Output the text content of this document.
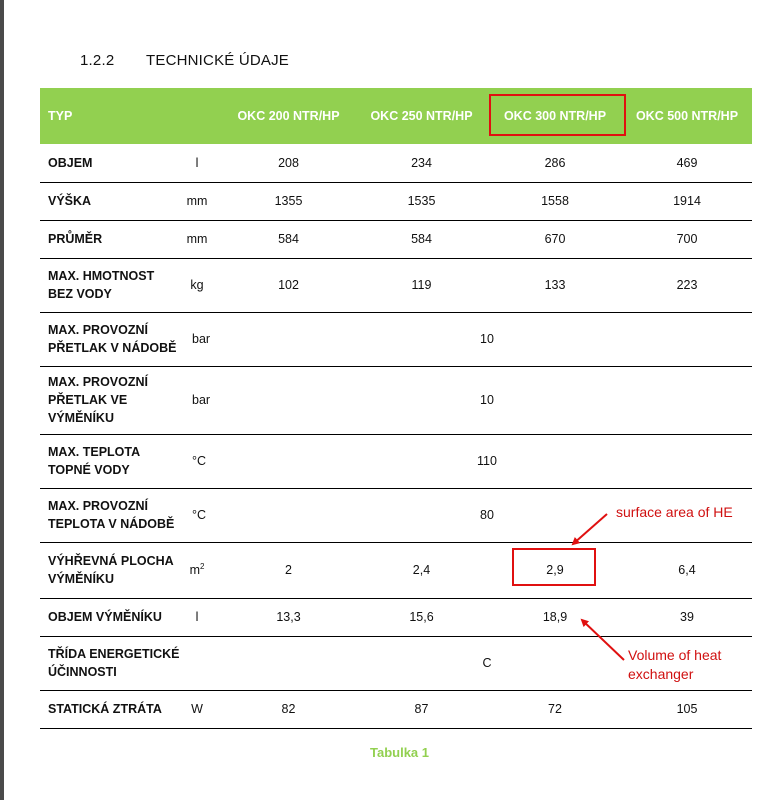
1.2.2 TECHNICKÉ ÚDAJE
TYP		OKC 200 NTR/HP	OKC 250 NTR/HP	OKC 300 NTR/HP	OKC 500 NTR/HP
OBJEM	l	208	234	286	469
VÝŠKA	mm	1355	1535	1558	1914
PRŮMĚR	mm	584	584	670	700
MAX. HMOTNOST BEZ VODY	kg	102	119	133	223
MAX. PROVOZNÍ PŘETLAK V NÁDOBĚ	bar	10			
MAX. PROVOZNÍ PŘETLAK VE VÝMĚNÍKU	bar	10			
MAX. TEPLOTA TOPNÉ VODY	°C	110			
MAX. PROVOZNÍ TEPLOTA V NÁDOBĚ	°C	80			
VÝHŘEVNÁ PLOCHA VÝMĚNÍKU	$m^2$	2	2,4	2,9	6,4
OBJEM VÝMĚNÍKU	l	13,3	15,6	18,9	39
TŘÍDA ENERGETICKÉ ÚČINNOSTI		C			
STATICKÁ ZTRÁTA	W	82	87	72	105
Tabulka 1
surface area of HE
Volume of heat
exchanger
